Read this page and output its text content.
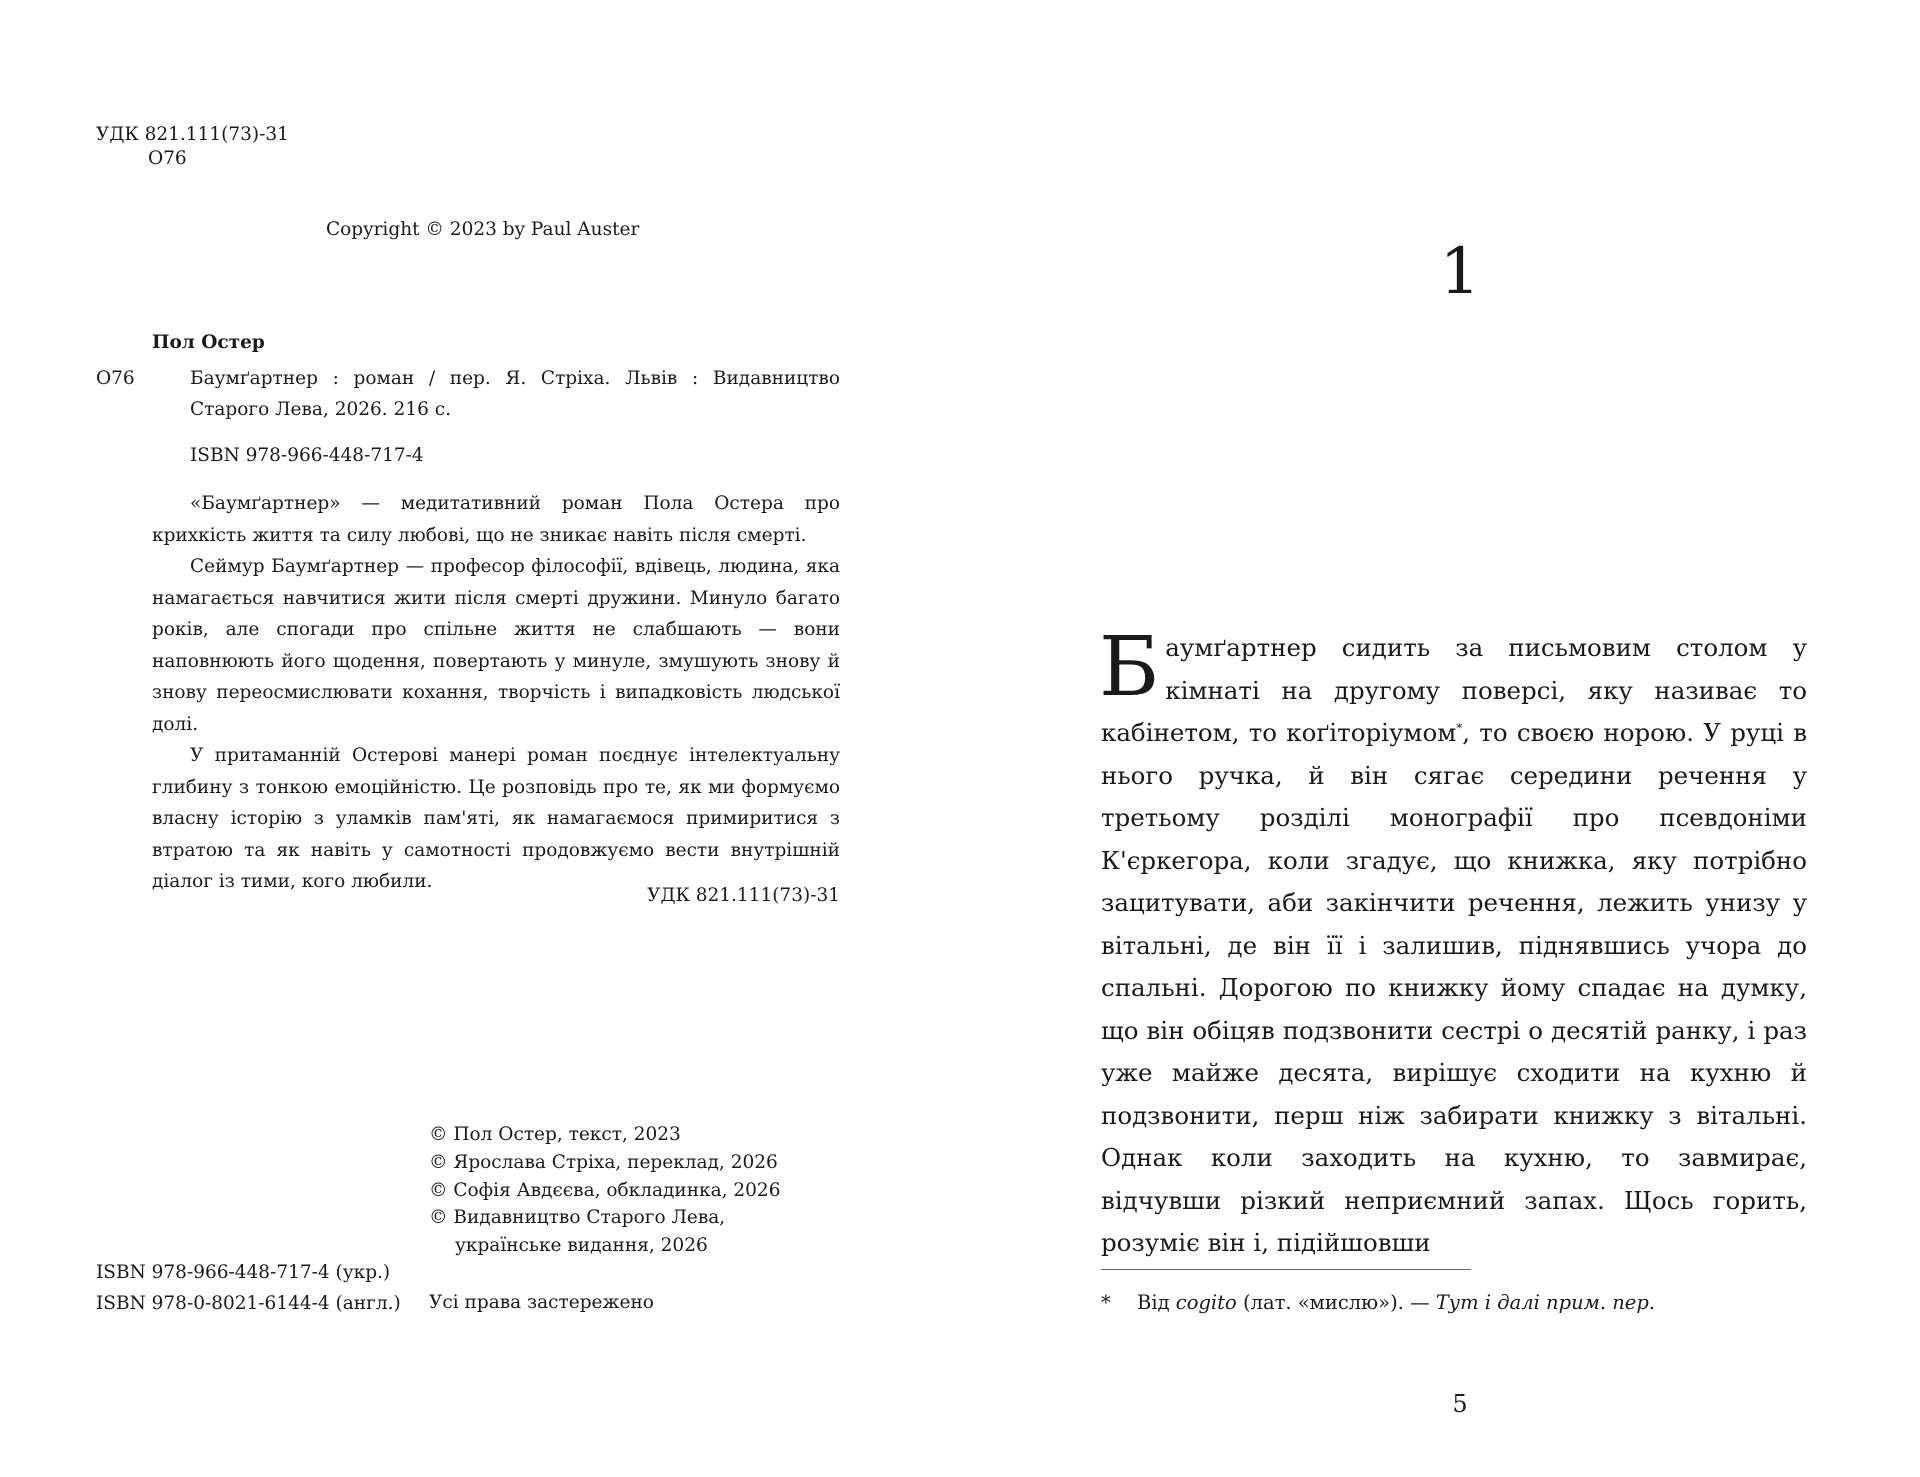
УДК 821.111(73)-31
О76
Copyright © 2023 by Paul Auster
Пол Остер
О76	Баумґартнер : роман / пер. Я. Стріха. Львів : Видавництво Старого Лева, 2026. 216 с.
ISBN 978-966-448-717-4

«Баумґартнер» — медитативний роман Пола Остера про крихкість життя та силу любові, що не зникає навіть після смерті.

Сеймур Баумґартнер — професор філософії, вдівець, людина, яка намагається навчитися жити після смерті дружини. Минуло багато років, але спогади про спільне життя не слабшають — вони наповнюють його щодення, повертають у минуле, змушують знову й знову переосмислювати кохання, творчість і випадковість людської долі.

У притаманній Остерові манері роман поєднує інтелектуальну глибину з тонкою емоційністю. Це розповідь про те, як ми формуємо власну історію з уламків пам'яті, як намагаємося примиритися з втратою та як навіть у самотності продовжуємо вести внутрішній діалог із тими, кого любили.

УДК 821.111(73)-31
© Пол Остер, текст, 2023
© Ярослава Стріха, переклад, 2026
© Софія Авдєєва, обкладинка, 2026
© Видавництво Старого Лева,
українське видання, 2026
ISBN 978-966-448-717-4 (укр.)
ISBN 978-0-8021-6144-4 (англ.) Усі права застережено
1
Баумґартнер сидить за письмовим столом у кімнаті на другому поверсі, яку називає то кабінетом, то коґіторіумом*, то своєю норою. У руці в нього ручка, й він сягає середини речення у третьому розділі монографії про псевдоніми К'єркегора, коли згадує, що книжка, яку потрібно зацитувати, аби закінчити речення, лежить унизу у вітальні, де він її і залишив, піднявшись учора до спальні. Дорогою по книжку йому спадає на думку, що він обіцяв подзвонити сестрі о десятій ранку, і раз уже майже десята, вирішує сходити на кухню й подзвонити, перш ніж забирати книжку з вітальні. Однак коли заходить на кухню, то завмирає, відчувши різкий неприємний запах. Щось горить, розуміє він і, підійшовши
* Від cogito (лат. «мислю»). — Тут і далі прим. пер.
5
